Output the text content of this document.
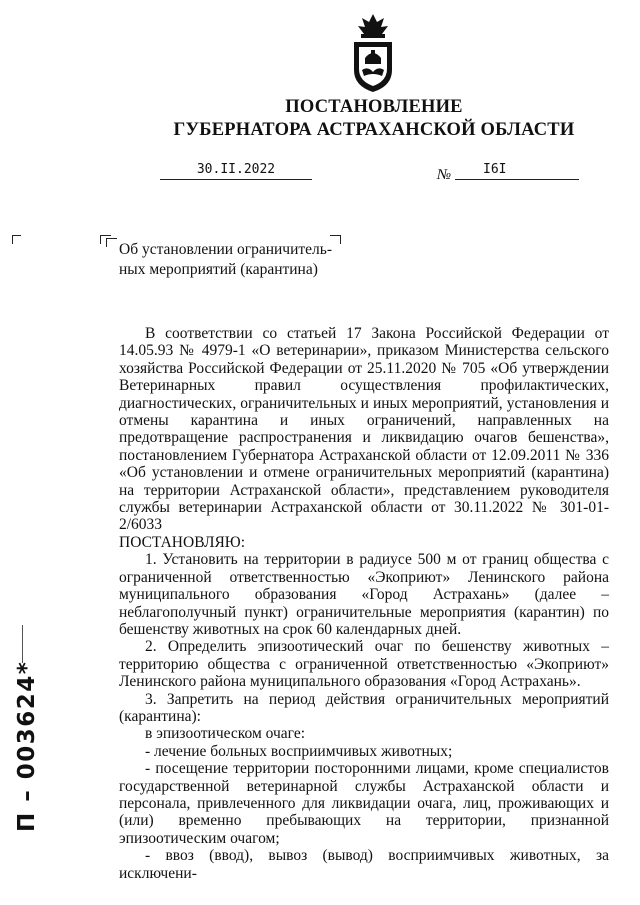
ПОСТАНОВЛЕНИЕ
ГУБЕРНАТОРА АСТРАХАНСКОЙ ОБЛАСТИ
30.II.2022	№	I6I
Об установлении ограничитель-
ных мероприятий (карантина)

В соответствии со статьей 17 Закона Российской Федерации от 14.05.93 № 4979-1 «О ветеринарии», приказом Министерства сельского хозяйства Российской Федерации от 25.11.2020 № 705 «Об утверждении Ветеринарных правил осуществления профилактических, диагностических, ограничительных и иных мероприятий, установления и отмены карантина и иных ограничений, направленных на предотвращение распространения и ликвидацию очагов бешенства», постановлением Губернатора Астраханской области от 12.09.2011 № 336 «Об установлении и отмене ограничительных мероприятий (карантина) на территории Астраханской области», представлением руководителя службы ветеринарии Астраханской области от 30.11.2022 № 301-01-2/6033

ПОСТАНОВЛЯЮ:

1. Установить на территории в радиусе 500 м от границ общества с ограниченной ответственностью «Экоприют» Ленинского района муниципального образования «Город Астрахань» (далее – неблагополучный пункт) ограничительные мероприятия (карантин) по бешенству животных на срок 60 календарных дней.

2. Определить эпизоотический очаг по бешенству животных – территорию общества с ограниченной ответственностью «Экоприют» Ленинского района муниципального образования «Город Астрахань».

3. Запретить на период действия ограничительных мероприятий (карантина):

в эпизоотическом очаге:

- лечение больных восприимчивых животных;

- посещение территории посторонними лицами, кроме специалистов государственной ветеринарной службы Астраханской области и персонала, привлеченного для ликвидации очага, лиц, проживающих и (или) временно пребывающих на территории, признанной эпизоотическим очагом;

- ввоз (ввод), вывоз (вывод) восприимчивых животных, за исключени-

П – 003624*
